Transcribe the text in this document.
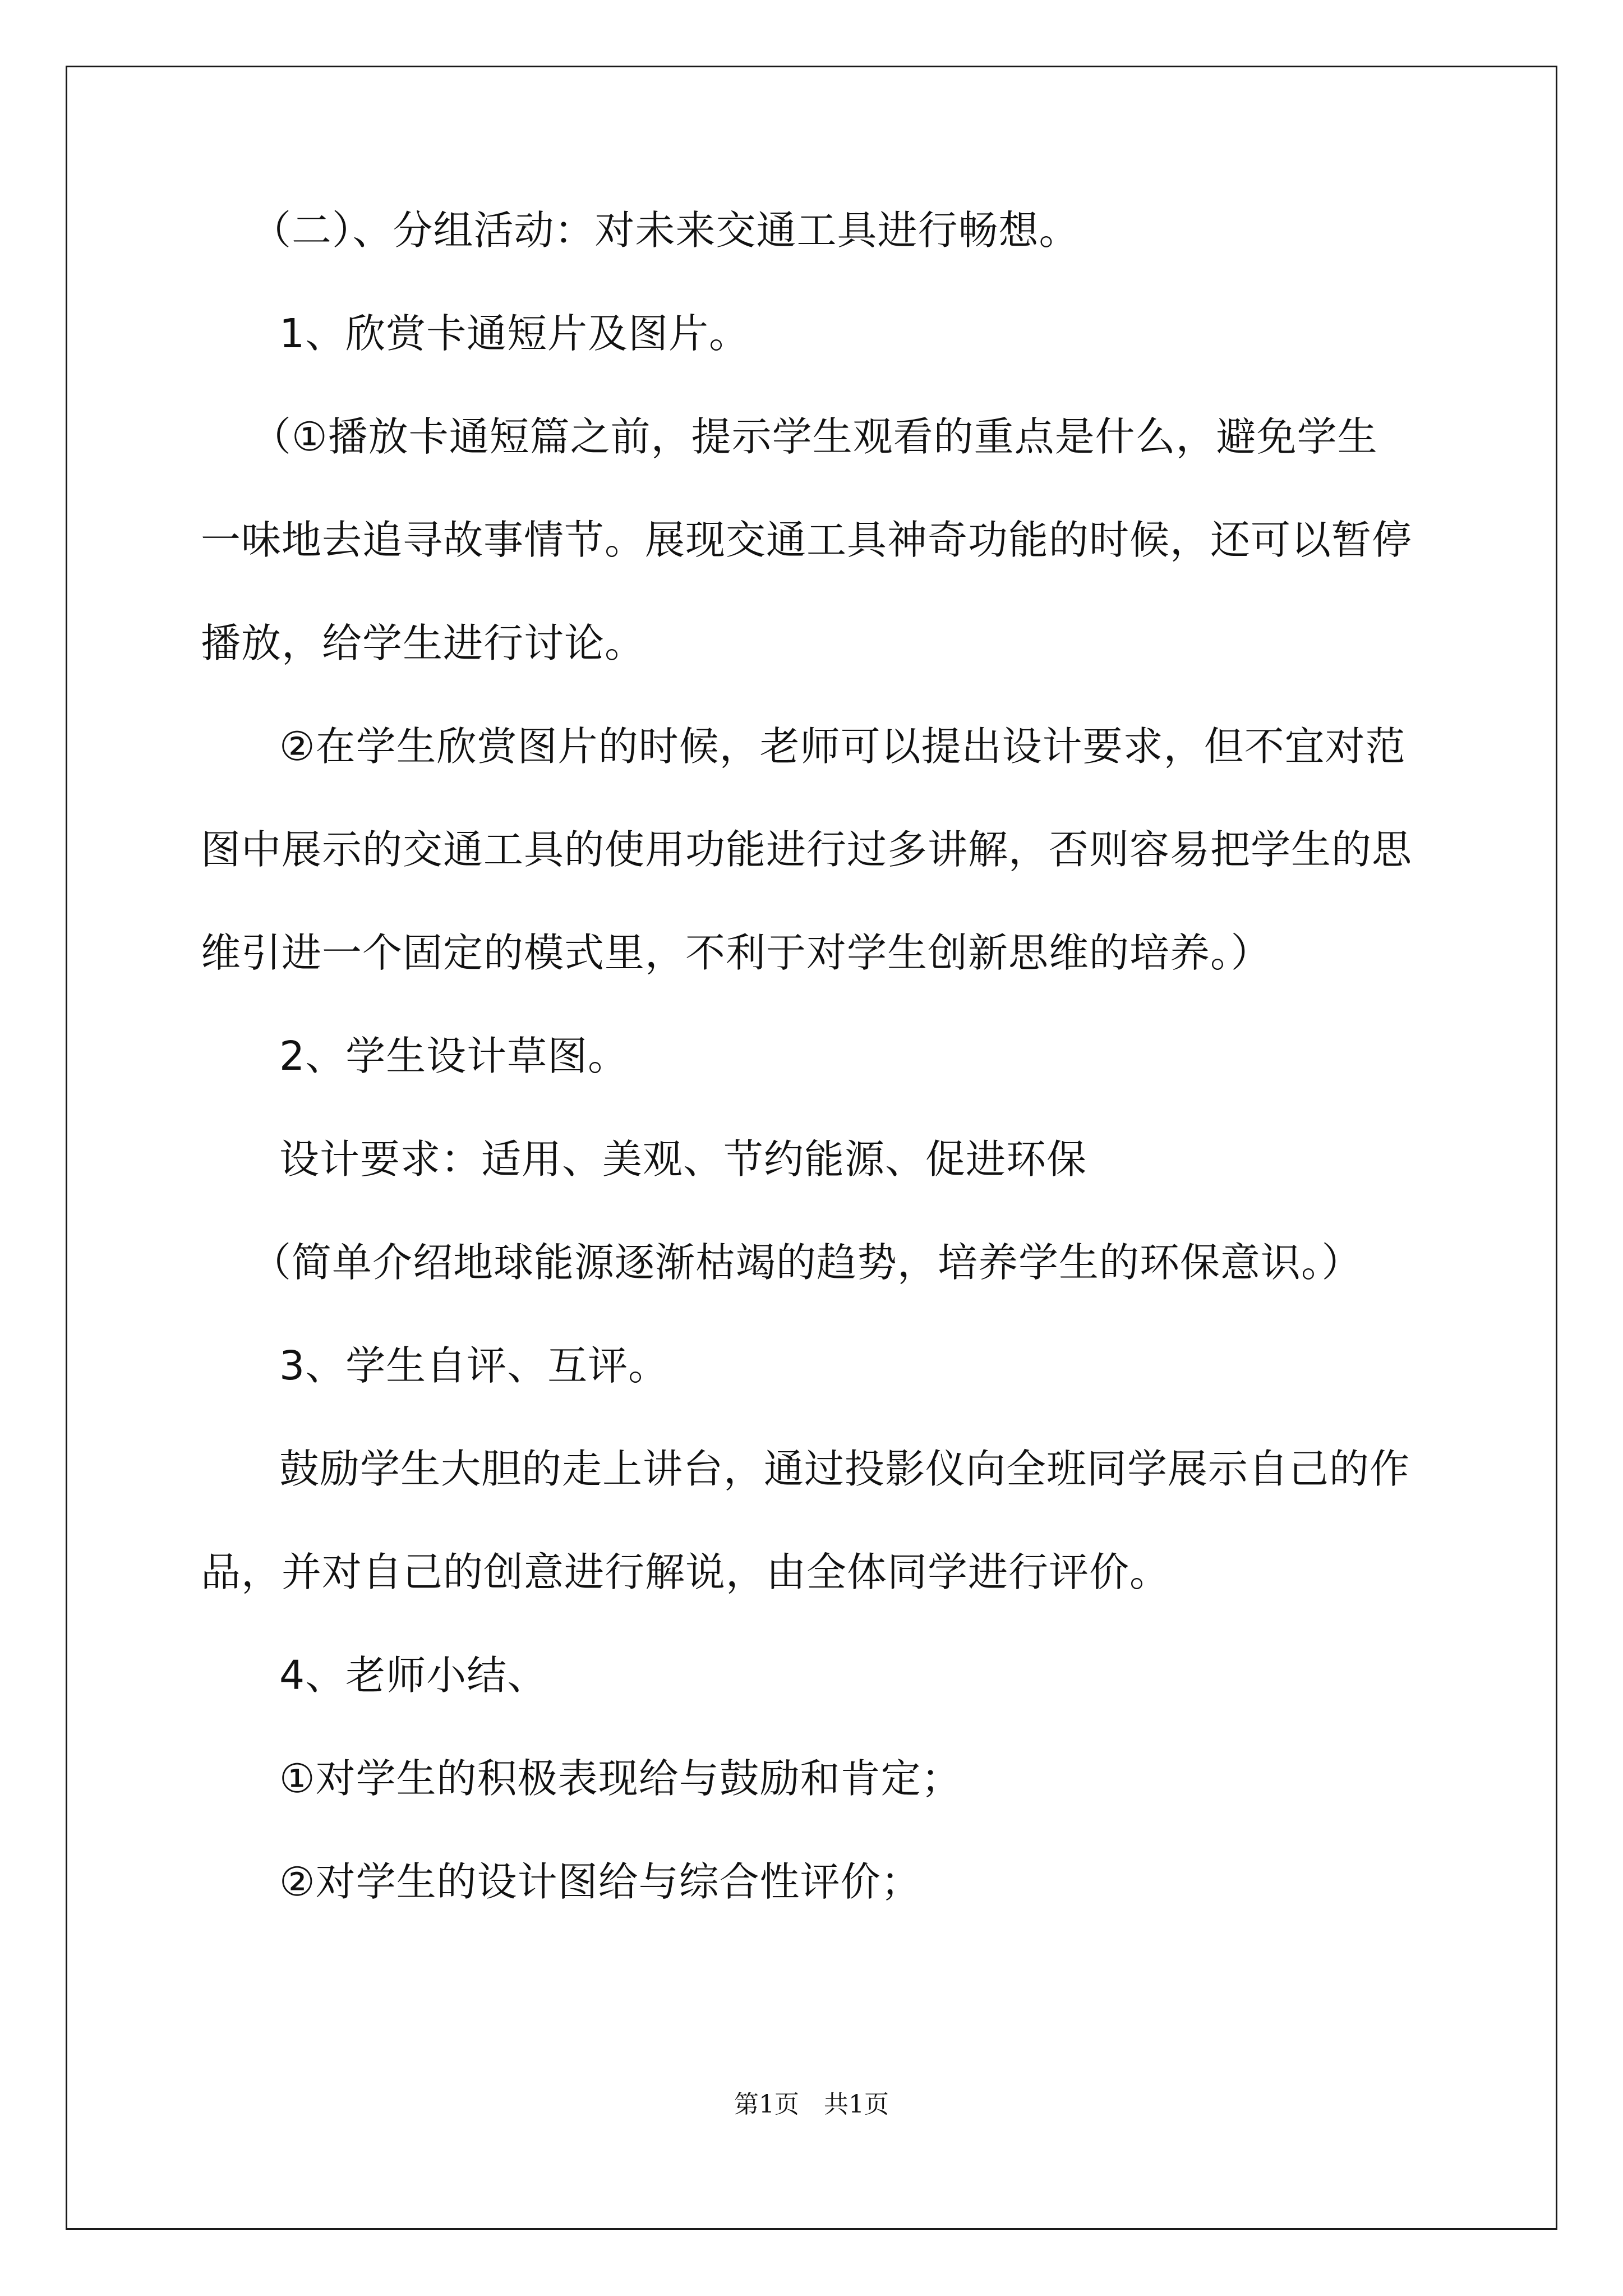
（二）、分组活动：对未来交通工具进行畅想。
1、欣赏卡通短片及图片。
（①播放卡通短篇之前，提示学生观看的重点是什么，避免学生
一味地去追寻故事情节。展现交通工具神奇功能的时候，还可以暂停
播放，给学生进行讨论。
②在学生欣赏图片的时候，老师可以提出设计要求，但不宜对范
图中展示的交通工具的使用功能进行过多讲解，否则容易把学生的思
维引进一个固定的模式里，不利于对学生创新思维的培养。）
2、学生设计草图。
设计要求：适用、美观、节约能源、促进环保
（简单介绍地球能源逐渐枯竭的趋势，培养学生的环保意识。）
3、学生自评、互评。
鼓励学生大胆的走上讲台，通过投影仪向全班同学展示自己的作
品，并对自己的创意进行解说，由全体同学进行评价。
4、老师小结、
①对学生的积极表现给与鼓励和肯定；
②对学生的设计图给与综合性评价；
第1页　共1页
